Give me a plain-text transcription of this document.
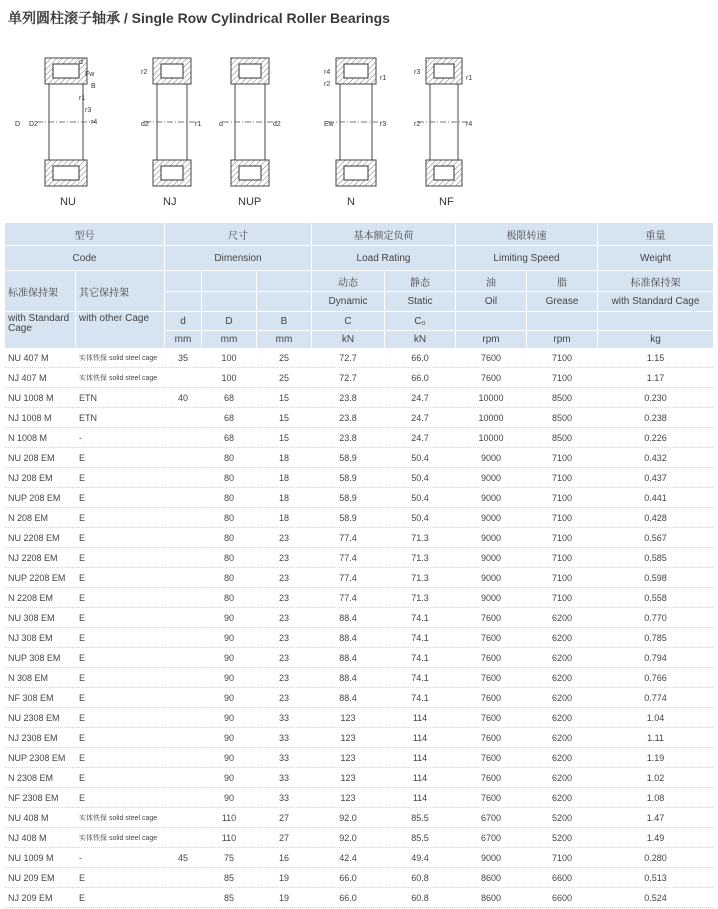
单列圆柱滚子轴承 / Single Row Cylindrical Roller Bearings
D D2
d
Fw
B
r1
r3
r4	d2	r1
r2
d	d2	Ew	r3
r4
r1
r2
r2	r4
r3
r1
NU	NJ	NUP	N	NF
型号		尺寸			基本额定负荷		极限转速		重量
Code		Dimension			Load Rating		Limiting Speed		Weight
标准保持架	其它保持架				动态	静态	油	脂	标准保持架
					Dynamic	Static	Oil	Grease	with Standard Cage
with Standard Cage	with other Cage	d	D	B	C	C₀			
		mm	mm	mm	kN	kN	rpm	rpm	kg
NU 407 M	实体铁保 solid steel cage	35	100	25	72.7	66.0	7600	7100	1.15
NJ 407 M	实体铁保 solid steel cage		100	25	72.7	66.0	7600	7100	1.17
NU 1008 M	ETN	40	68	15	23.8	24.7	10000	8500	0.230
NJ 1008 M	ETN		68	15	23.8	24.7	10000	8500	0.238
N 1008 M	-		68	15	23.8	24.7	10000	8500	0.226
NU 208 EM	E		80	18	58.9	50.4	9000	7100	0.432
NJ 208 EM	E		80	18	58.9	50.4	9000	7100	0.437
NUP 208 EM	E		80	18	58.9	50.4	9000	7100	0.441
N 208 EM	E		80	18	58.9	50.4	9000	7100	0.428
NU 2208 EM	E		80	23	77.4	71.3	9000	7100	0.567
NJ 2208 EM	E		80	23	77.4	71.3	9000	7100	0.585
NUP 2208 EM	E		80	23	77.4	71.3	9000	7100	0.598
N 2208 EM	E		80	23	77.4	71.3	9000	7100	0.558
NU 308 EM	E		90	23	88.4	74.1	7600	6200	0.770
NJ 308 EM	E		90	23	88.4	74.1	7600	6200	0.785
NUP 308 EM	E		90	23	88.4	74.1	7600	6200	0.794
N 308 EM	E		90	23	88.4	74.1	7600	6200	0.766
NF 308 EM	E		90	23	88.4	74.1	7600	6200	0.774
NU 2308 EM	E		90	33	123	114	7600	6200	1.04
NJ 2308 EM	E		90	33	123	114	7600	6200	1.11
NUP 2308 EM	E		90	33	123	114	7600	6200	1.19
N 2308 EM	E		90	33	123	114	7600	6200	1.02
NF 2308 EM	E		90	33	123	114	7600	6200	1.08
NU 408 M	实体铁保 solid steel cage		110	27	92.0	85.5	6700	5200	1.47
NJ 408 M	实体铁保 solid steel cage		110	27	92.0	85.5	6700	5200	1.49
NU 1009 M	-	45	75	16	42.4	49.4	9000	7100	0.280
NU 209 EM	E		85	19	66.0	60.8	8600	6600	0.513
NJ 209 EM	E		85	19	66.0	60.8	8600	6600	0.524
